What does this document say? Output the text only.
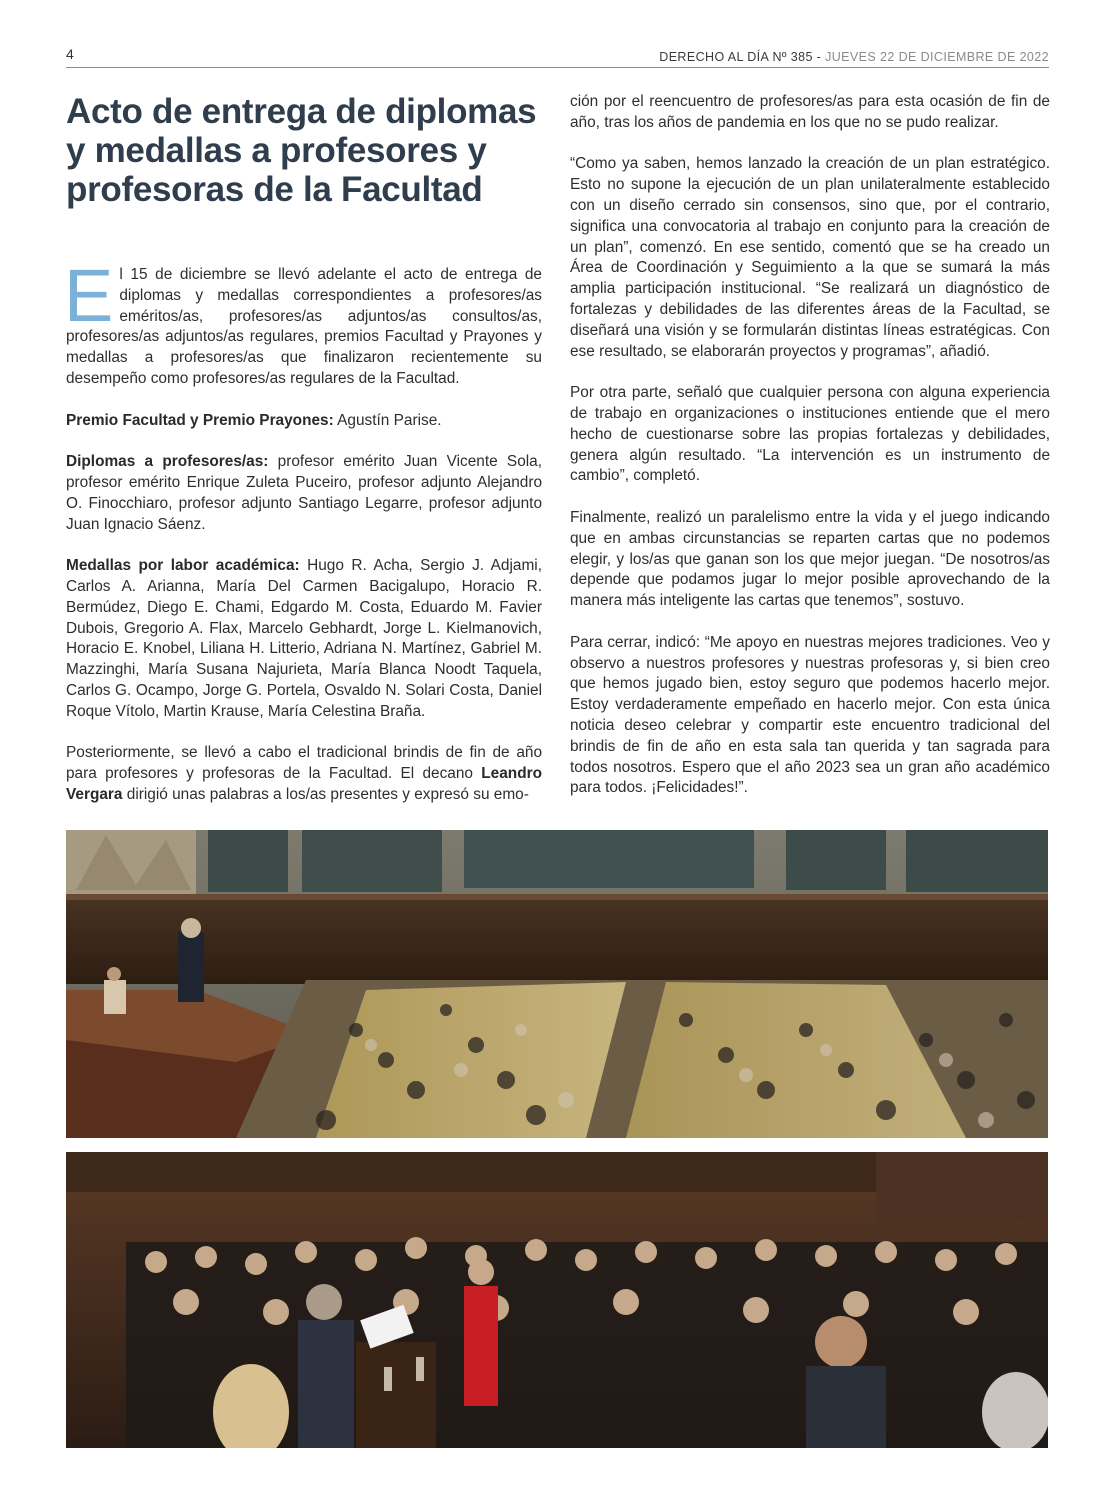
4	DERECHO AL DÍA Nº 385 - JUEVES 22 DE DICIEMBRE DE 2022
Acto de entrega de diplomas y medallas a profesores y profesoras de la Facultad

El 15 de diciembre se llevó adelante el acto de entrega de diplomas y medallas correspondientes a profesores/as eméritos/as, profesores/as adjuntos/as consultos/as, profesores/as adjuntos/as regulares, premios Facultad y Prayones y medallas a profesores/as que finalizaron recientemente su desempeño como profesores/as regulares de la Facultad.

Premio Facultad y Premio Prayones: Agustín Parise.

Diplomas a profesores/as: profesor emérito Juan Vicente Sola, profesor emérito Enrique Zuleta Puceiro, profesor adjunto Alejandro O. Finocchiaro, profesor adjunto Santiago Legarre, profesor adjunto Juan Ignacio Sáenz.

Medallas por labor académica: Hugo R. Acha, Sergio J. Adjami, Carlos A. Arianna, María Del Carmen Bacigalupo, Horacio R. Bermúdez, Diego E. Chami, Edgardo M. Costa, Eduardo M. Favier Dubois, Gregorio A. Flax, Marcelo Gebhardt, Jorge L. Kielmanovich, Horacio E. Knobel, Liliana H. Litterio, Adriana N. Martínez, Gabriel M. Mazzinghi, María Susana Najurieta, María Blanca Noodt Taquela, Carlos G. Ocampo, Jorge G. Portela, Osvaldo N. Solari Costa, Daniel Roque Vítolo, Martin Krause, María Celestina Braña.

Posteriormente, se llevó a cabo el tradicional brindis de fin de año para profesores y profesoras de la Facultad. El decano Leandro Vergara dirigió unas palabras a los/as presentes y expresó su emo-

ción por el reencuentro de profesores/as para esta ocasión de fin de año, tras los años de pandemia en los que no se pudo realizar.

“Como ya saben, hemos lanzado la creación de un plan estratégico. Esto no supone la ejecución de un plan unilateralmente establecido con un diseño cerrado sin consensos, sino que, por el contrario, significa una convocatoria al trabajo en conjunto para la creación de un plan”, comenzó. En ese sentido, comentó que se ha creado un Área de Coordinación y Seguimiento a la que se sumará la más amplia participación institucional. “Se realizará un diagnóstico de fortalezas y debilidades de las diferentes áreas de la Facultad, se diseñará una visión y se formularán distintas líneas estratégicas. Con ese resultado, se elaborarán proyectos y programas”, añadió.

Por otra parte, señaló que cualquier persona con alguna experiencia de trabajo en organizaciones o instituciones entiende que el mero hecho de cuestionarse sobre las propias fortalezas y debilidades, genera algún resultado. “La intervención es un instrumento de cambio”, completó.

Finalmente, realizó un paralelismo entre la vida y el juego indicando que en ambas circunstancias se reparten cartas que no podemos elegir, y los/as que ganan son los que mejor juegan. “De nosotros/as depende que podamos jugar lo mejor posible aprovechando de la manera más inteligente las cartas que tenemos”, sostuvo.

Para cerrar, indicó: “Me apoyo en nuestras mejores tradiciones. Veo y observo a nuestros profesores y nuestras profesoras y, si bien creo que hemos jugado bien, estoy seguro que podemos hacerlo mejor. Estoy verdaderamente empeñado en hacerlo mejor. Con esta única noticia deseo celebrar y compartir este encuentro tradicional del brindis de fin de año en esta sala tan querida y tan sagrada para todos nosotros. Espero que el año 2023 sea un gran año académico para todos. ¡Felicidades!”.
